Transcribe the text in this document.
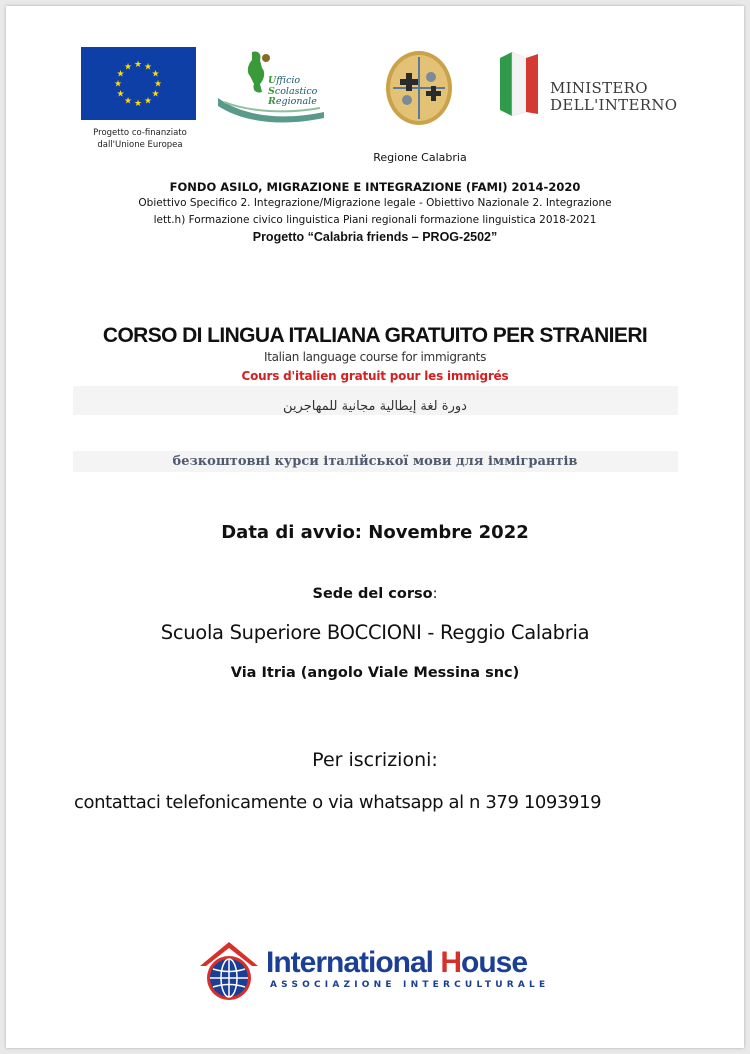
★ ★
★
★
★
★
★
★
★
★
★
★
Progetto co-finanziato dall'Unione Europea
Ufficio
Scolastico
Regionale
MINISTERO
DELL'INTERNO
Regione Calabria
FONDO ASILO, MIGRAZIONE E INTEGRAZIONE (FAMI) 2014-2020
Obiettivo Specifico 2. Integrazione/Migrazione legale - Obiettivo Nazionale 2. Integrazione
lett.h) Formazione civico linguistica Piani regionali formazione linguistica 2018-2021
Progetto “Calabria friends – PROG-2502”
CORSO DI LINGUA ITALIANA GRATUITO PER STRANIERI
Italian language course for immigrants
Cours d'italien gratuit pour les immigrés
دورة لغة إيطالية مجانية للمهاجرين
безкоштовні курси італійської мови для іммігрантів
Data di avvio: Novembre 2022
Sede del corso:
Scuola Superiore BOCCIONI - Reggio Calabria
Via Itria (angolo Viale Messina snc)
Per iscrizioni:
contattaci telefonicamente o via whatsapp al n 379 1093919
International House
ASSOCIAZIONE INTERCULTURALE
